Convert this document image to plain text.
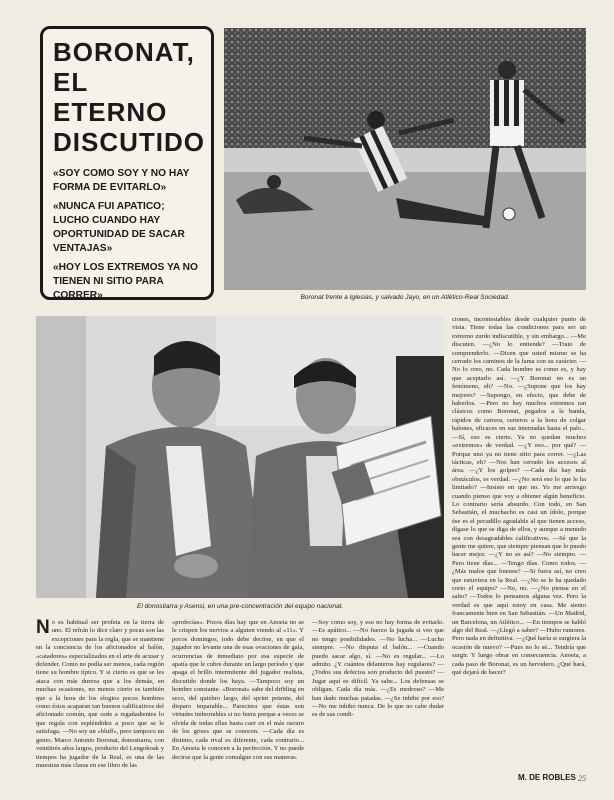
BORONAT, EL ETERNO DISCUTIDO

«SOY COMO SOY Y NO HAY FORMA DE EVITARLO»

«NUNCA FUI APATICO; LUCHO CUANDO HAY OPORTUNIDAD DE SACAR VENTAJAS»

«HOY LOS EXTREMOS YA NO TIENEN NI SITIO PARA CORRER»	Boronat frente a Iglesias, y salvado Jayo, en un Atlético-Real Sociedad.
El donostiarra y Asensi, en una pre-concentración del equipo nacional.
N o es habitual ser profeta en la tierra de uno. El refrán lo dice claro y pocas son las excepciones para la regla, que se mantiene en la conciencia de los aficionados al balón, «catadores» especializados en el arte de acusar y defender. Como no podía ser menos, cada región tiene su hombre típico. Y si cierto es que se les ataca con más dureza que a los demás, en muchas ocasiones, no menos cierto es también que a la hora de los elogios pocos hombres como éstos acaparan tan buenos calificativos del aficionado común, que cede a regañadientes lo que regala con espléndidez a poco que se le satisfaga. —No soy un «bluff», pero tampoco un genio. Marco Antonio Boronat, donostiarra, con veintitrés años largos, producto del Lengokoak y tiempos ha jugador de la Real, es una de las muestras más claras en ese libro de las

«profecías». Pocos días hay que en Anoeta no se le crispen los nervios a alguien viendo al «11». Y pocos domingos, todo debe decirse, en que el jugador no levante una de esas ovaciones de gala, ocurrencias de inmediato por esa especie de apatía que le cubre durante un largo período y que apaga el brillo intermitente del jugador realista, discutido donde los haya. —Tampoco soy un hombre constante. «Boronat» sabe del dribling en seco, del quiebro largo, del sprint potente, del disparo imparable... Pareciera que éstas son virtudes imborrables si no fuera porque a veces se olvida de todas ellas hasta caer en el más oscuro de los grises que se conocen. —Cada día es distinto, cada rival es diferente, cada contrario... En Anoeta le conocen a la perfección. Y no puede decirse que la gente comulgue con sus maneras.

—Soy como soy, y eso no hay forma de evitarlo. —Es apático... —No fuerzo la jugada si veo que no tengo posibilidades. —No lucha... —Lucho siempre. —No disputa el balón... —Cuando puedo sacar algo, sí. —No es regular... —Lo admito. ¿Y cuántos delanteros hay regulares? —¿Todos sus defectos son producto del puesto? —Jugar aquí es difícil. Ya sabe... Los defensas se obligan. Cada día más. —¿Es medroso? —Me han dado muchas patadas. —¿Se inhibe por eso? —No me inhibo nunca. De lo que no cabe dudar es de sus condi-

ciones, incontestables desde cualquier punto de vista. Tiene todas las condiciones para ser un extremo zurdo indiscutible, y sin embargo... —Me discuten. —¿No lo entiende? —Trato de comprenderlo. —Dicen que usted mismo se ha cerrado los caminos de la fama con su carácter. —No lo creo, no. Cada hombre es como es, y hay que aceptarlo así. —¿Y Boronat no es un fenómeno, eh? —No. —¿Supone que los hay mejores? —Supongo, en efecto, que debe de haberlos. —Pero no hay muchos extremos tan clásicos como Boronat, pegados a la banda, rápidos de carrera, certeros a la hora de colgar balones, eficaces en sus internadas hasta el palo... —Sí, eso es cierto. Ya no quedan muchos «extremos» de verdad. —¿Y eso... por qué? —Porque uno ya no tiene sitio para correr. —¿Las tácticas, eh? —Nos han cerrado los accesos al área. —¿Y los golpes? —Cada día hay más obstáculos, es verdad. —¿No será eso lo que le ha limitado? —Insisto en que no. Yo me arriesgo cuando pienso que voy a obtener algún beneficio. Lo contrario sería absurdo. Con todo, en San Sebastián, el muchacho es casi un ídolo, porque ése es el pecadillo agradable al que tienen acceso, dígase lo que se diga de ellos, y aunque a menudo sea con desagradables calificativos. —Sé que la gente me quiere, que siempre piensan que lo puedo hacer mejor. —¿Y no es así? —No siempre. —Pero tiene días... —Tengo días. Como todos. —¿Más malos que buenos? —Si fuera así, no creo que estuviera en la Real. —¿No se le ha quedado corto el equipo? —No, no. —¿No piensa en el salto? —Todos lo pensamos alguna vez. Pero la verdad es que aquí estoy en casa. Me siento francamente bien en San Sebastián. —Un Madrid, un Barcelona, un Atlético... —En tiempos se habló algo del Real. —¿Llegó a saber? —Hubo rumores. Pero nada en definitiva. —¿Qué haría si surgiera la ocasión de nuevo? —Pues no lo sé... Tendría que surgir. Y luego obrar en consecuencia. Anoeta, a cada paso de Boronat, es un hervidero. ¿Qué hará, qué dejará de hacer?

M. DE ROBLES 25
